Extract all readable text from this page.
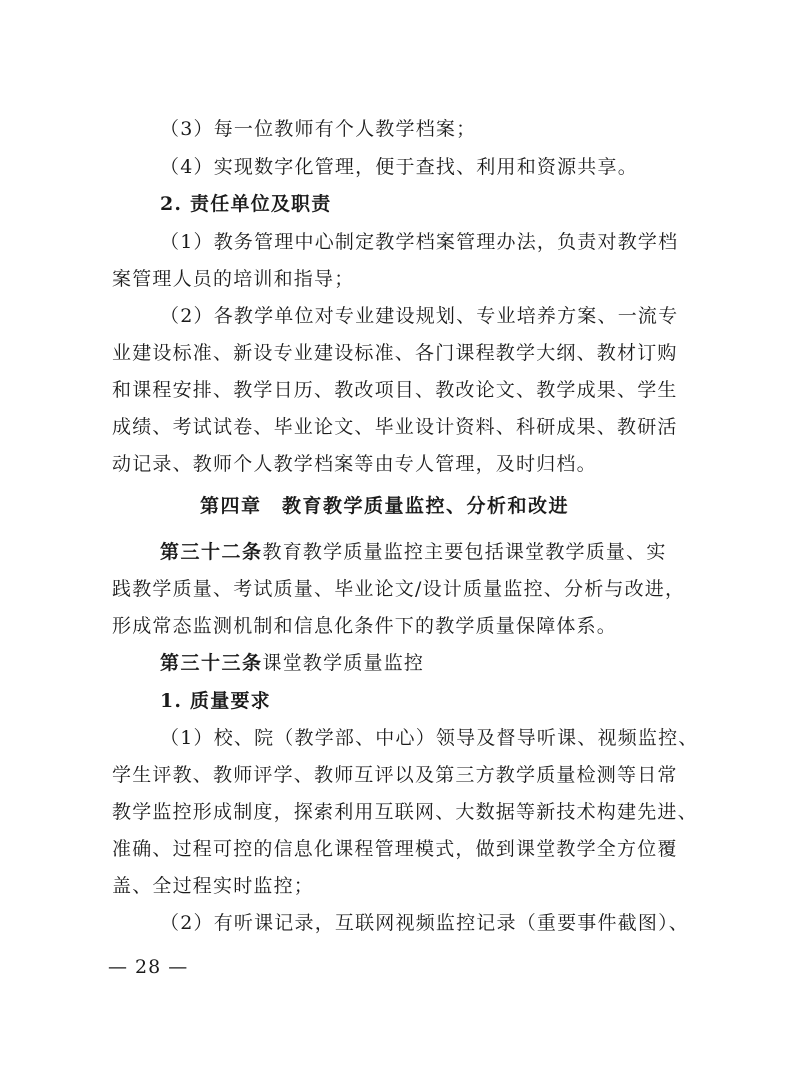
（3）每一位教师有个人教学档案；
（4）实现数字化管理，便于查找、利用和资源共享。
2. 责任单位及职责
（1）教务管理中心制定教学档案管理办法，负责对教学档
案管理人员的培训和指导；
（2）各教学单位对专业建设规划、专业培养方案、一流专
业建设标准、新设专业建设标准、各门课程教学大纲、教材订购
和课程安排、教学日历、教改项目、教改论文、教学成果、学生
成绩、考试试卷、毕业论文、毕业设计资料、科研成果、教研活
动记录、教师个人教学档案等由专人管理，及时归档。
第四章　教育教学质量监控、分析和改进
第三十二条教育教学质量监控主要包括课堂教学质量、实
践教学质量、考试质量、毕业论文/设计质量监控、分析与改进，
形成常态监测机制和信息化条件下的教学质量保障体系。
第三十三条课堂教学质量监控
1. 质量要求
（1）校、院（教学部、中心）领导及督导听课、视频监控、
学生评教、教师评学、教师互评以及第三方教学质量检测等日常
教学监控形成制度，探索利用互联网、大数据等新技术构建先进、
准确、过程可控的信息化课程管理模式，做到课堂教学全方位覆
盖、全过程实时监控；
（2）有听课记录，互联网视频监控记录（重要事件截图）、
— 28 —
